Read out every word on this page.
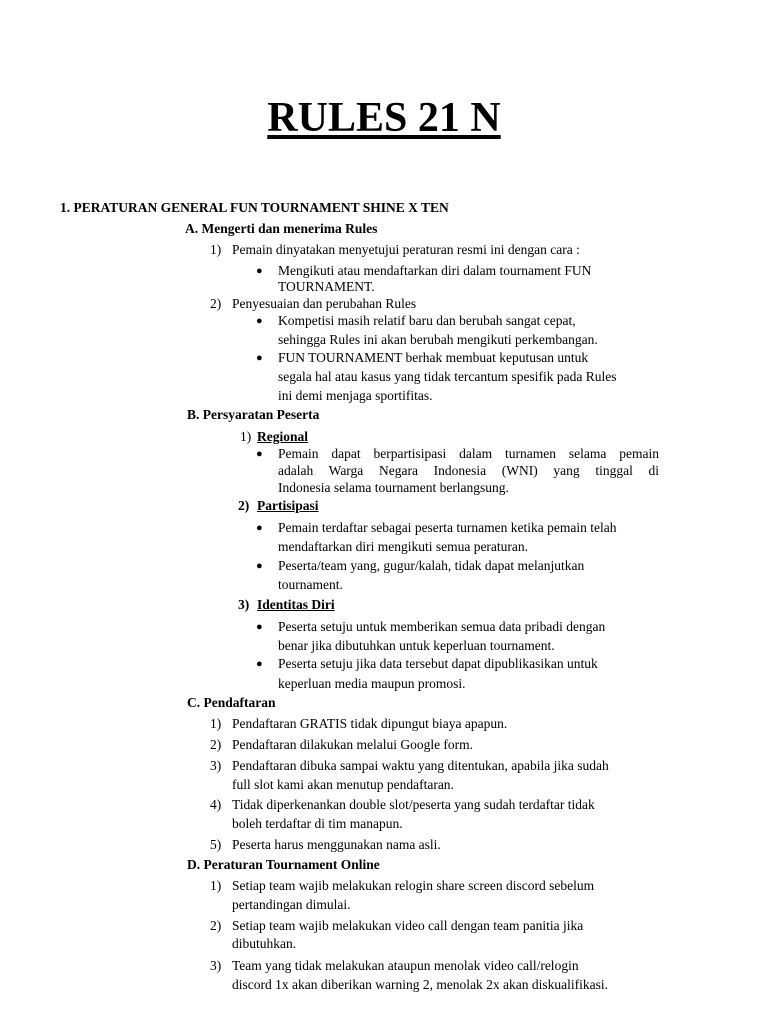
RULES 21 N
1. PERATURAN GENERAL FUN TOURNAMENT SHINE X TEN
A. Mengerti dan menerima Rules
1) Pemain dinyatakan menyetujui peraturan resmi ini dengan cara :
● Mengikuti atau mendaftarkan diri dalam tournament FUN
TOURNAMENT.
2) Penyesuaian dan perubahan Rules
● Kompetisi masih relatif baru dan berubah sangat cepat,
sehingga Rules ini akan berubah mengikuti perkembangan.
● FUN TOURNAMENT berhak membuat keputusan untuk
segala hal atau kasus yang tidak tercantum spesifik pada Rules
ini demi menjaga sportifitas.
B. Persyaratan Peserta
1) Regional
● Pemain dapat berpartisipasi dalam turnamen selama pemain
adalah Warga Negara Indonesia (WNI) yang tinggal di
Indonesia selama tournament berlangsung.
2) Partisipasi
● Pemain terdaftar sebagai peserta turnamen ketika pemain telah
mendaftarkan diri mengikuti semua peraturan.
● Peserta/team yang, gugur/kalah, tidak dapat melanjutkan
tournament.
3) Identitas Diri
● Peserta setuju untuk memberikan semua data pribadi dengan
benar jika dibutuhkan untuk keperluan tournament.
● Peserta setuju jika data tersebut dapat dipublikasikan untuk
keperluan media maupun promosi.
C. Pendaftaran
1) Pendaftaran GRATIS tidak dipungut biaya apapun.
2) Pendaftaran dilakukan melalui Google form.
3) Pendaftaran dibuka sampai waktu yang ditentukan, apabila jika sudah
full slot kami akan menutup pendaftaran.
4) Tidak diperkenankan double slot/peserta yang sudah terdaftar tidak
boleh terdaftar di tim manapun.
5) Peserta harus menggunakan nama asli.
D. Peraturan Tournament Online
1) Setiap team wajib melakukan relogin share screen discord sebelum
pertandingan dimulai.
2) Setiap team wajib melakukan video call dengan team panitia jika
dibutuhkan.
3) Team yang tidak melakukan ataupun menolak video call/relogin
discord 1x akan diberikan warning 2, menolak 2x akan diskualifikasi.
